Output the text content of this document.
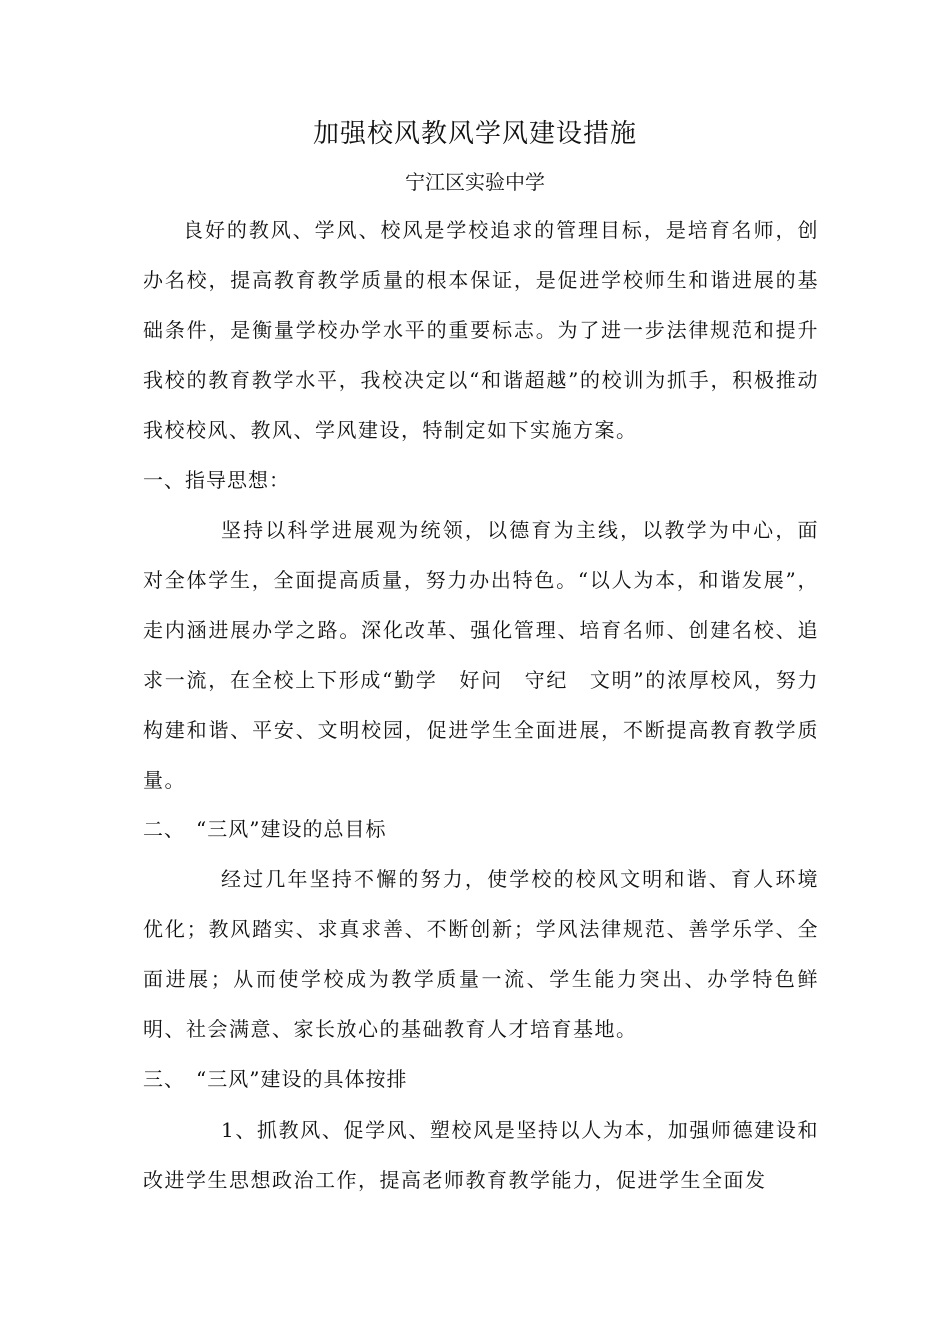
加强校风教风学风建设措施
宁江区实验中学

良好的教风、学风、校风是学校追求的管理目标，是培育名师，创办名校，提高教育教学质量的根本保证，是促进学校师生和谐进展的基础条件，是衡量学校办学水平的重要标志。为了进一步法律规范和提升我校的教育教学水平，我校决定以“和谐超越”的校训为抓手，积极推动我校校风、教风、学风建设，特制定如下实施方案。

一、指导思想：

坚持以科学进展观为统领，以德育为主线，以教学为中心，面对全体学生，全面提高质量，努力办出特色。“以人为本，和谐发展”，走内涵进展办学之路。深化改革、强化管理、培育名师、创建名校、追求一流，在全校上下形成“勤学　好问　守纪　文明”的浓厚校风，努力构建和谐、平安、文明校园，促进学生全面进展，不断提高教育教学质量。

二、　“三风”建设的总目标

经过几年坚持不懈的努力，使学校的校风文明和谐、育人环境优化；教风踏实、求真求善、不断创新；学风法律规范、善学乐学、全面进展；从而使学校成为教学质量一流、学生能力突出、办学特色鲜明、社会满意、家长放心的基础教育人才培育基地。

三、　“三风”建设的具体按排

1、抓教风、促学风、塑校风是坚持以人为本，加强师德建设和改进学生思想政治工作，提高老师教育教学能力，促进学生全面发
